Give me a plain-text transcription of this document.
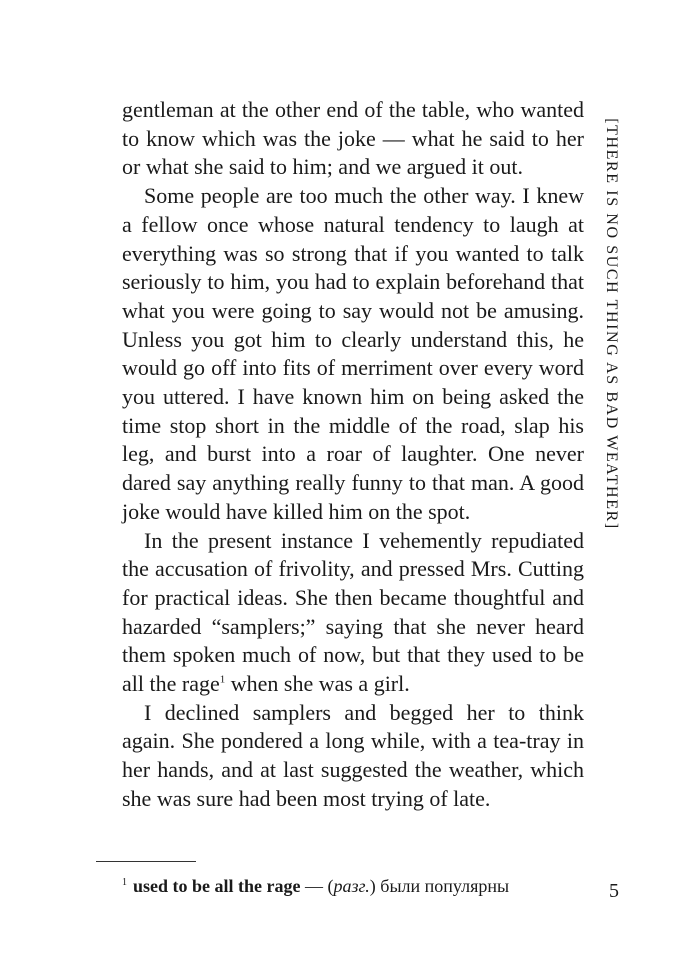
[THERE IS NO SUCH THING AS BAD WEATHER]

gentleman at the other end of the table, who wanted

to know which was the joke — what he said to her

or what she said to him; and we argued it out.

Some people are too much the other way. I knew

a fellow once whose natural tendency to laugh at

everything was so strong that if you wanted to talk

seriously to him, you had to explain beforehand that

what you were going to say would not be amusing.

Unless you got him to clearly understand this, he

would go off into fits of merriment over every word

you uttered. I have known him on being asked the

time stop short in the middle of the road, slap his

leg, and burst into a roar of laughter. One never

dared say anything really funny to that man. A good

joke would have killed him on the spot.

In the present instance I vehemently repudiated

the accusation of frivolity, and pressed Mrs. Cutting

for practical ideas. She then became thoughtful and

hazarded “samplers;” saying that she never heard

them spoken much of now, but that they used to be

all the rage$^1$ when she was a girl.

I declined samplers and begged her to think

again. She pondered a long while, with a tea-tray in

her hands, and at last suggested the weather, which

she was sure had been most trying of late.

$^1$ used to be all the rage — (разг.) были популярны	5
